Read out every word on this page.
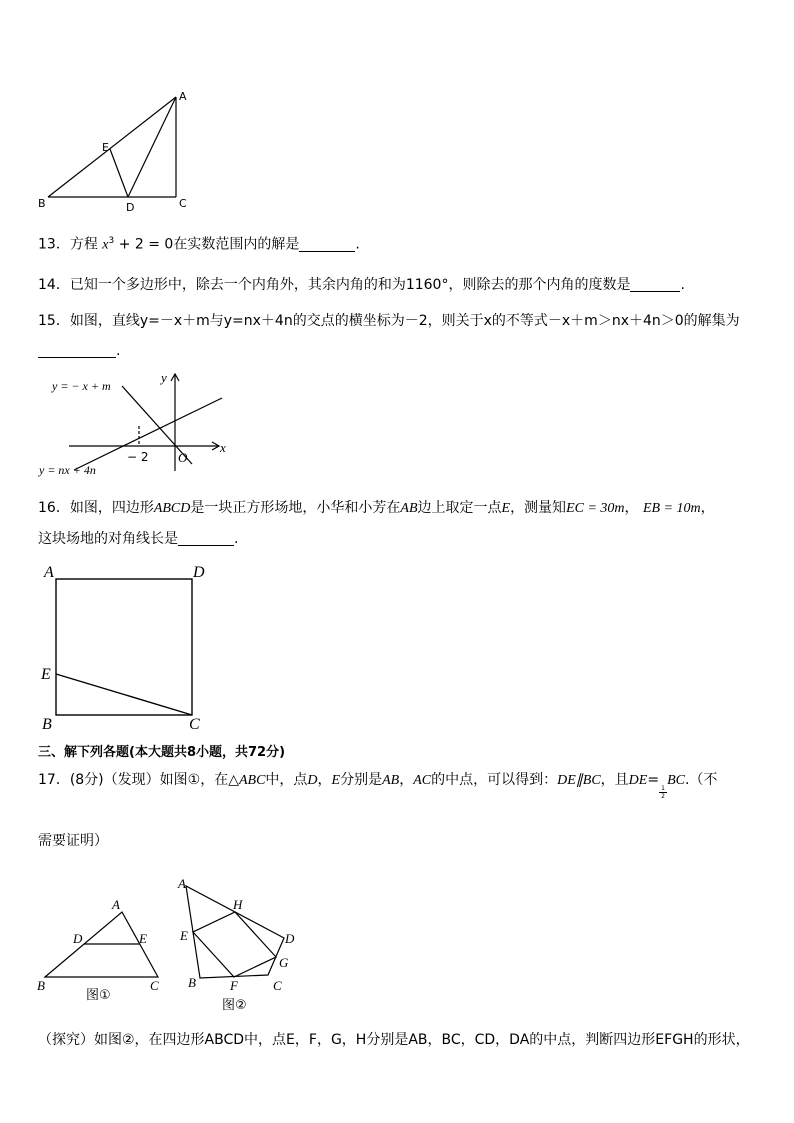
A
B	C
D
E
13．方程 $x^3 + 2 = 0$在实数范围内的解是	.
14．已知一个多边形中，除去一个内角外，其余内角的和为1160°，则除去的那个内角的度数是	.
15．如图，直线y=－x＋m与y=nx＋4n的交点的横坐标为－2，则关于x的不等式－x＋m＞nx＋4n＞0的解集为
.
y = − x + m
y = nx + 4n
x
y
O
− 2
16．如图，四边形ABCD是一块正方形场地，小华和小芳在AB边上取定一点E，测量知EC = 30m， EB = 10m，
这块场地的对角线长是	.
A	D
E
B	C
三、解下列各题(本大题共8小题，共72分)
17．(8分)（发现）如图①，在△ABC中，点D，E分别是AB，AC的中点，可以得到：DE∥BC，且$DE= \frac{1}{2} BC$.（不
需要证明）
A
B	C
D	E
图①
A
B	C
D
E
F
G
H
图②
（探究）如图②，在四边形ABCD中，点E，F，G，H分别是AB，BC，CD，DA的中点，判断四边形EFGH的形状，
